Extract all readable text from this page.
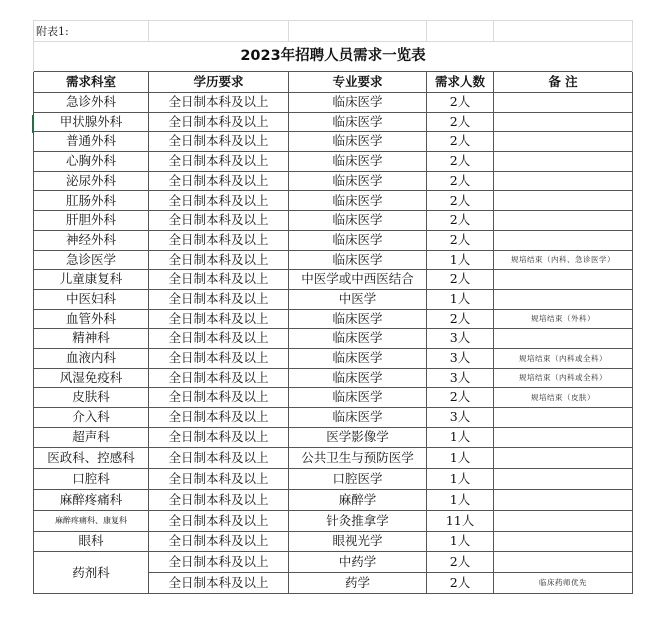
附表1:				
2023年招聘人员需求一览表				
需求科室	学历要求	专业要求	需求人数	备 注
急诊外科	全日制本科及以上	临床医学	2人	
甲状腺外科	全日制本科及以上	临床医学	2人	
普通外科	全日制本科及以上	临床医学	2人	
心胸外科	全日制本科及以上	临床医学	2人	
泌尿外科	全日制本科及以上	临床医学	2人	
肛肠外科	全日制本科及以上	临床医学	2人	
肝胆外科	全日制本科及以上	临床医学	2人	
神经外科	全日制本科及以上	临床医学	2人	
急诊医学	全日制本科及以上	临床医学	1人	规培结束（内科、急诊医学）
儿童康复科	全日制本科及以上	中医学或中西医结合	2人	
中医妇科	全日制本科及以上	中医学	1人	
血管外科	全日制本科及以上	临床医学	2人	规培结束（外科）
精神科	全日制本科及以上	临床医学	3人	
血液内科	全日制本科及以上	临床医学	3人	规培结束（内科或全科）
风湿免疫科	全日制本科及以上	临床医学	3人	规培结束（内科或全科）
皮肤科	全日制本科及以上	临床医学	2人	规培结束（皮肤）
介入科	全日制本科及以上	临床医学	3人	
超声科	全日制本科及以上	医学影像学	1人	
医政科、控感科	全日制本科及以上	公共卫生与预防医学	1人	
口腔科	全日制本科及以上	口腔医学	1人	
麻醉疼痛科	全日制本科及以上	麻醉学	1人	
麻醉疼痛科、康复科	全日制本科及以上	针灸推拿学	11人	
眼科	全日制本科及以上	眼视光学	1人	
药剂科	全日制本科及以上	中药学	2人	
	全日制本科及以上	药学	2人	临床药师优先
